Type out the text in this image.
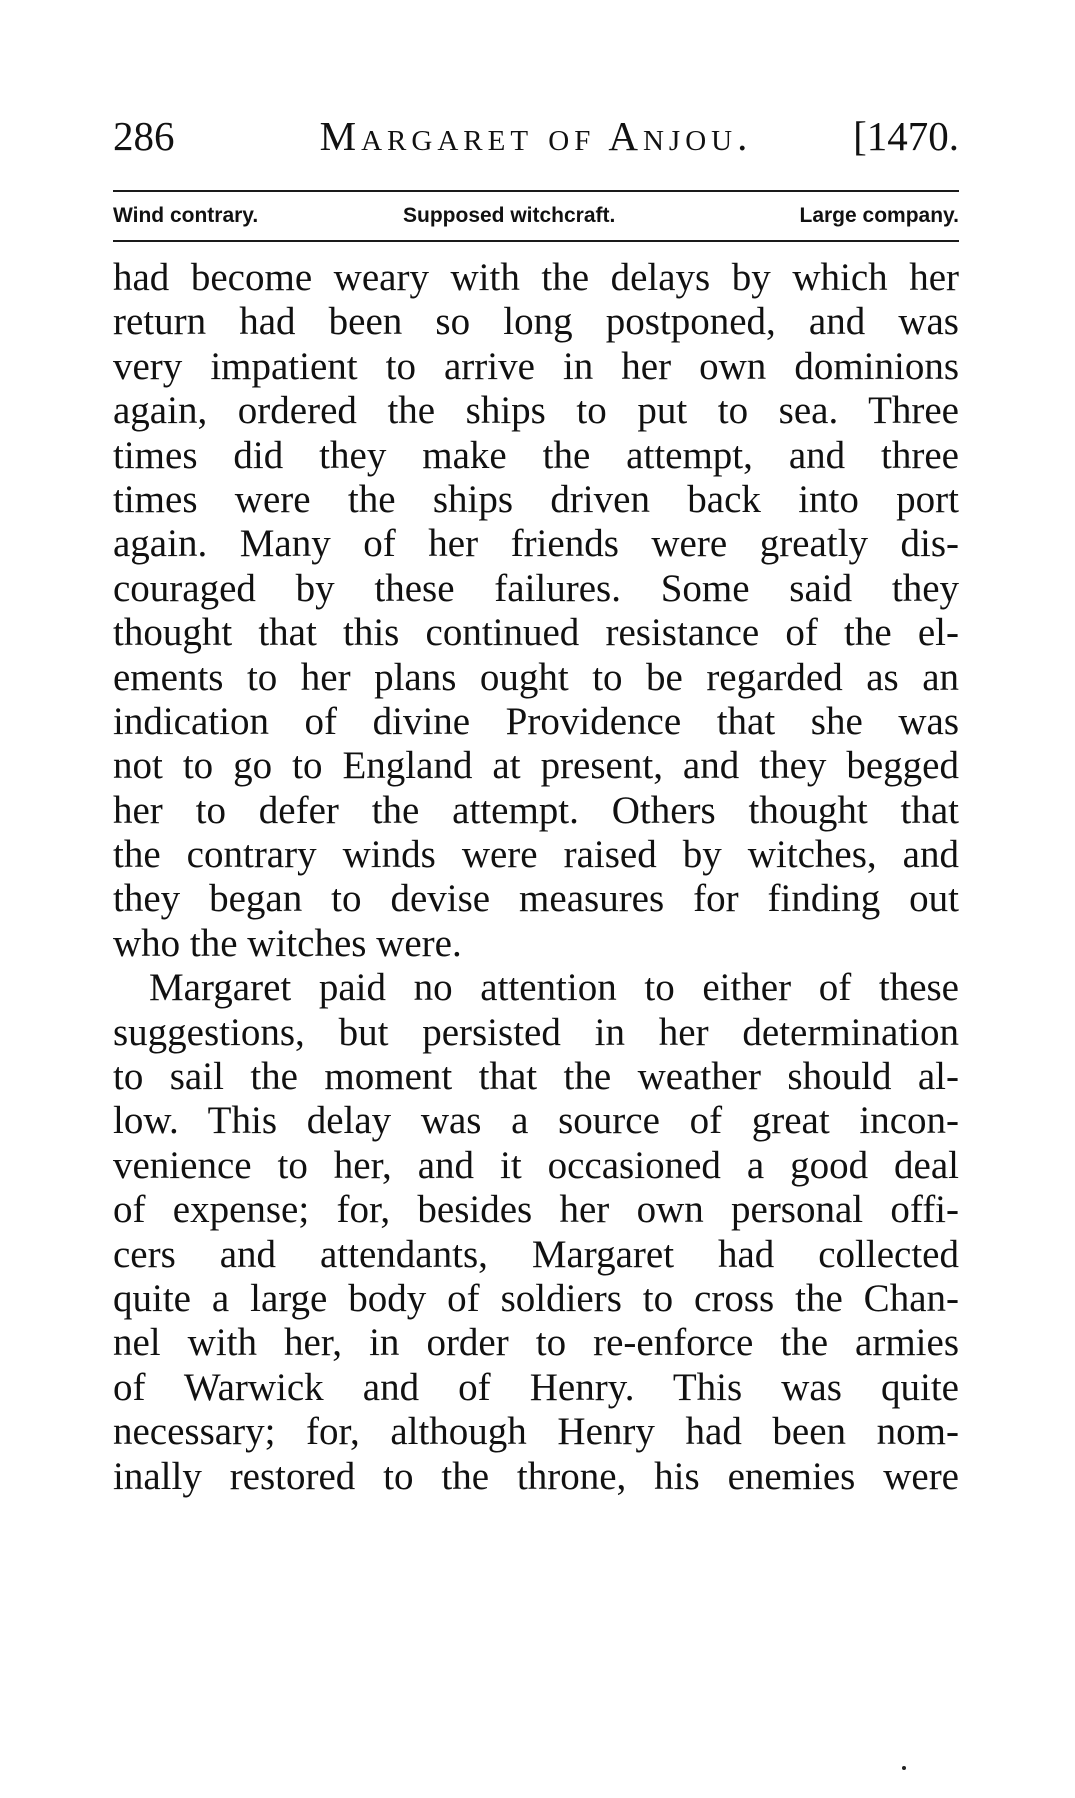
286	Margaret of Anjou.	[1470.
Wind contrary.	Supposed witchcraft.	Large company.
had become weary with the delays by which her
return had been so long postponed, and was
very impatient to arrive in her own dominions
again, ordered the ships to put to sea. Three
times did they make the attempt, and three
times were the ships driven back into port
again. Many of her friends were greatly dis-
couraged by these failures. Some said they
thought that this continued resistance of the el-
ements to her plans ought to be regarded as an
indication of divine Providence that she was
not to go to England at present, and they begged
her to defer the attempt. Others thought that
the contrary winds were raised by witches, and
they began to devise measures for finding out
who the witches were.
Margaret paid no attention to either of these
suggestions, but persisted in her determination
to sail the moment that the weather should al-
low. This delay was a source of great incon-
venience to her, and it occasioned a good deal
of expense; for, besides her own personal offi-
cers and attendants, Margaret had collected
quite a large body of soldiers to cross the Chan-
nel with her, in order to re-enforce the armies
of Warwick and of Henry. This was quite
necessary; for, although Henry had been nom-
inally restored to the throne, his enemies were
